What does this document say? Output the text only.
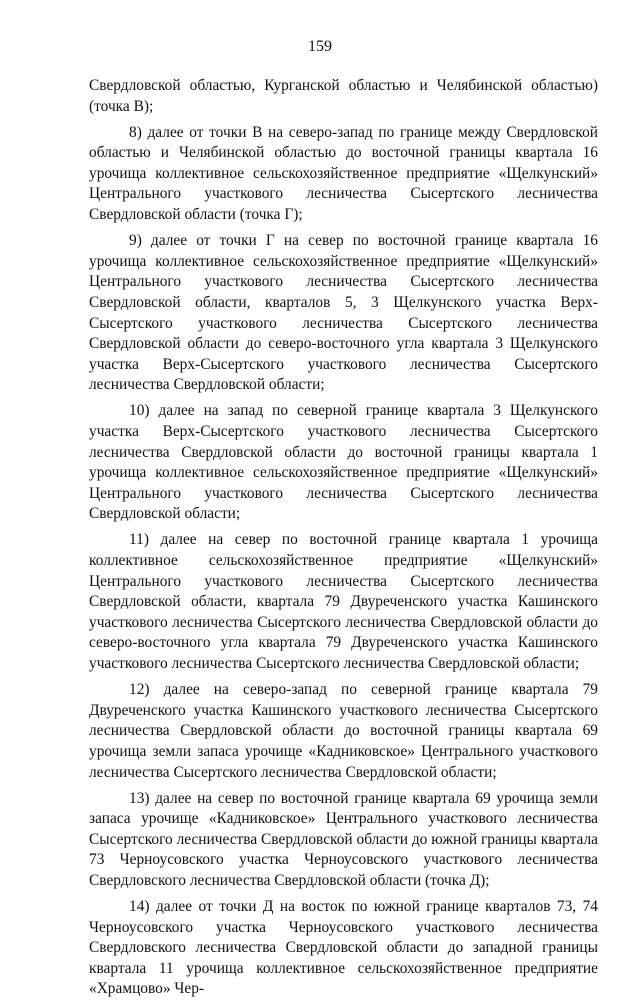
159

Свердловской областью, Курганской областью и Челябинской областью) (точка В);

8) далее от точки В на северо-запад по границе между Свердловской областью и Челябинской областью до восточной границы квартала 16 урочища коллективное сельскохозяйственное предприятие «Щелкунский» Центрального участкового лесничества Сысертского лесничества Свердловской области (точка Г);

9) далее от точки Г на север по восточной границе квартала 16 урочища коллективное сельскохозяйственное предприятие «Щелкунский» Центрального участкового лесничества Сысертского лесничества Свердловской области, кварталов 5, 3 Щелкунского участка Верх-Сысертского участкового лесничества Сысертского лесничества Свердловской области до северо-восточного угла квартала 3 Щелкунского участка Верх-Сысертского участкового лесничества Сысертского лесничества Свердловской области;

10) далее на запад по северной границе квартала 3 Щелкунского участка Верх-Сысертского участкового лесничества Сысертского лесничества Свердловской области до восточной границы квартала 1 урочища коллективное сельскохозяйственное предприятие «Щелкунский» Центрального участкового лесничества Сысертского лесничества Свердловской области;

11) далее на север по восточной границе квартала 1 урочища коллективное сельскохозяйственное предприятие «Щелкунский» Центрального участкового лесничества Сысертского лесничества Свердловской области, квартала 79 Двуреченского участка Кашинского участкового лесничества Сысертского лесничества Свердловской области до северо-восточного угла квартала 79 Двуреченского участка Кашинского участкового лесничества Сысертского лесничества Свердловской области;

12) далее на северо-запад по северной границе квартала 79 Двуреченского участка Кашинского участкового лесничества Сысертского лесничества Свердловской области до восточной границы квартала 69 урочища земли запаса урочище «Кадниковское» Центрального участкового лесничества Сысертского лесничества Свердловской области;

13) далее на север по восточной границе квартала 69 урочища земли запаса урочище «Кадниковское» Центрального участкового лесничества Сысертского лесничества Свердловской области до южной границы квартала 73 Черноусовского участка Черноусовского участкового лесничества Свердловского лесничества Свердловской области (точка Д);

14) далее от точки Д на восток по южной границе кварталов 73, 74 Черноусовского участка Черноусовского участкового лесничества Свердловского лесничества Свердловской области до западной границы квартала 11 урочища коллективное сельскохозяйственное предприятие «Храмцово» Чер-
